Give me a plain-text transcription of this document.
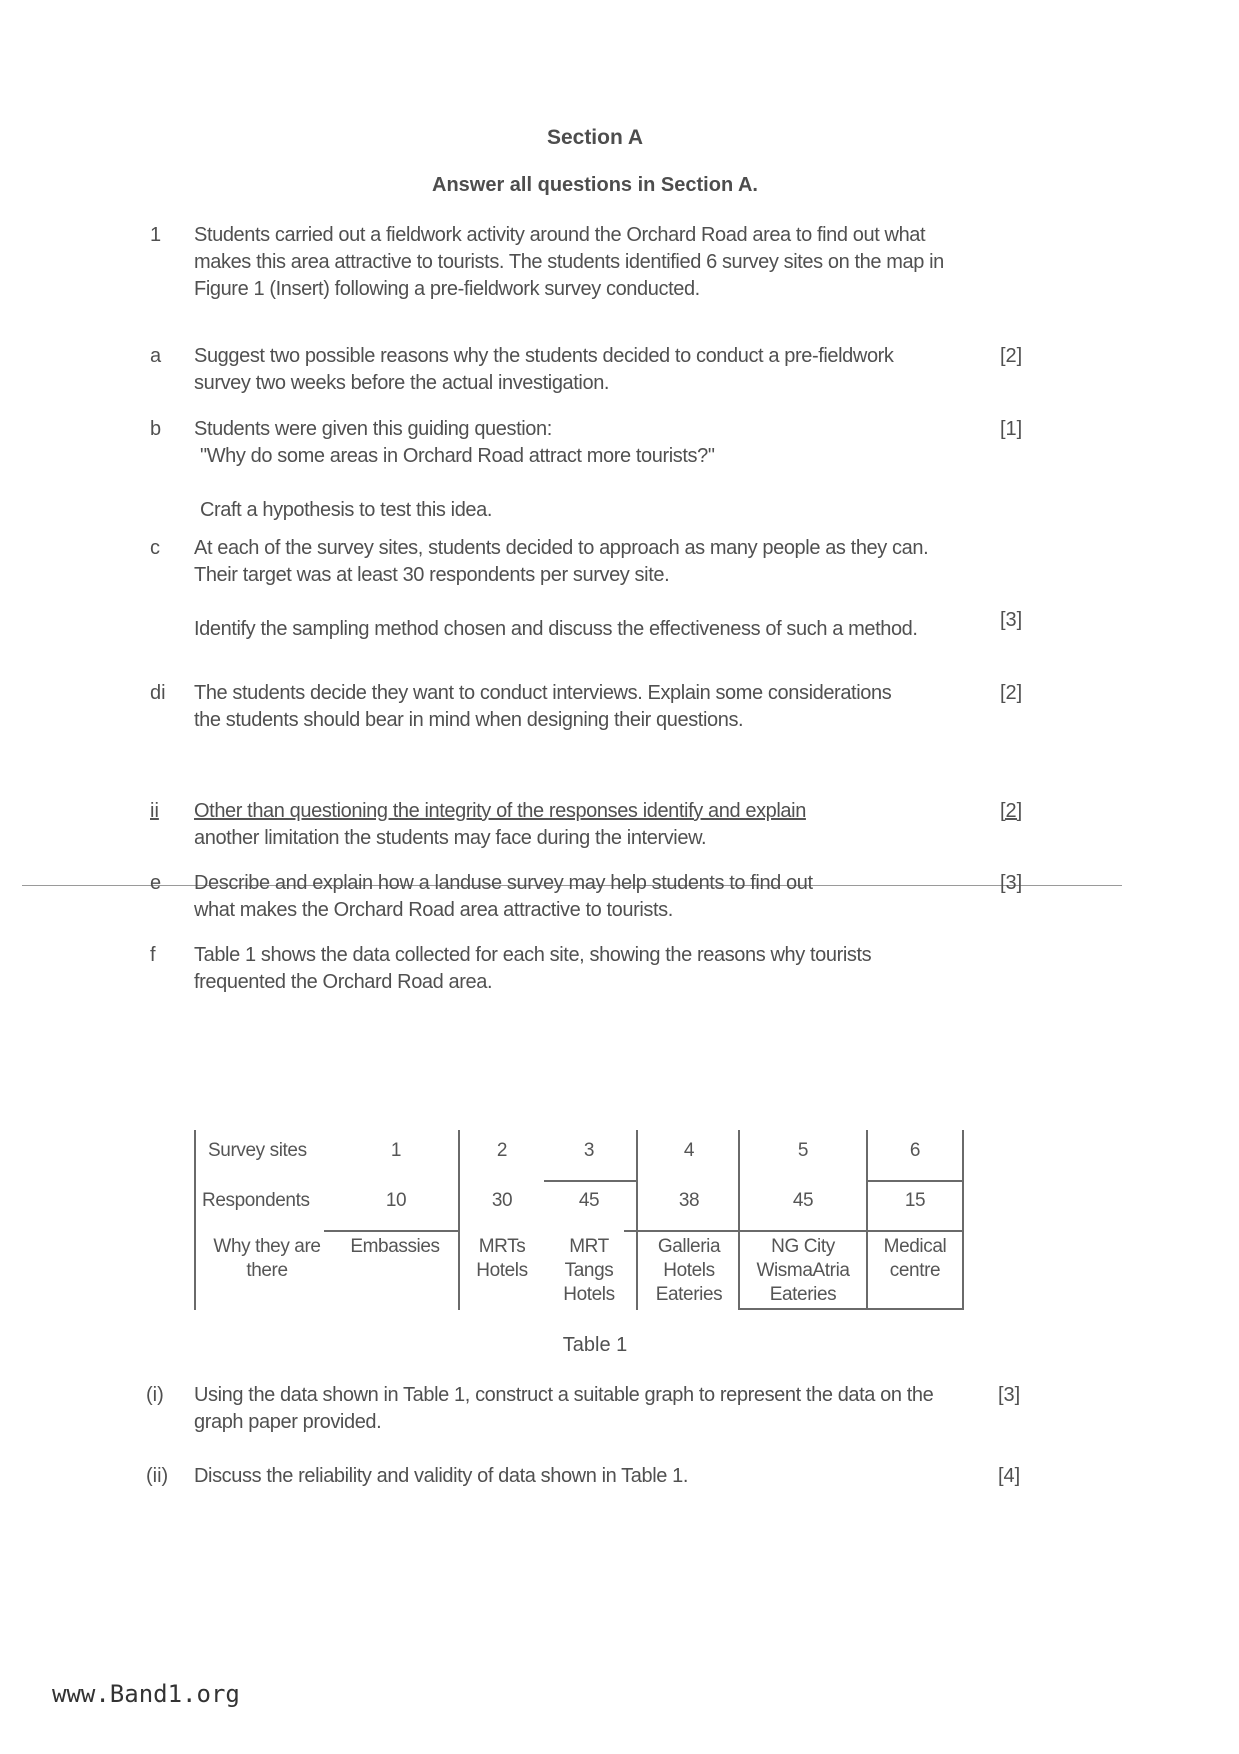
Section A
Answer all questions in Section A.
1 Students carried out a fieldwork activity around the Orchard Road area to find out what makes this area attractive to tourists. The students identified 6 survey sites on the map in Figure 1 (Insert) following a pre-fieldwork survey conducted.

a Suggest two possible reasons why the students decided to conduct a pre-fieldwork survey two weeks before the actual investigation.

[2]
b Students were given this guiding question:
"Why do some areas in Orchard Road attract more tourists?"
Craft a hypothesis to test this idea.
[1]
c At each of the survey sites, students decided to approach as many people as they can. Their target was at least 30 respondents per survey site.

Identify the sampling method chosen and discuss the effectiveness of such a method.	[3]
di The students decide they want to conduct interviews. Explain some considerations the students should bear in mind when designing their questions.

[2]
ii Other than questioning the integrity of the responses identify and explain
another limitation the students may face during the interview.
[2]
e Describe and explain how a landuse survey may help students to find out
what makes the Orchard Road area attractive to tourists.
[3]
f Table 1 shows the data collected for each site, showing the reasons why tourists frequented the Orchard Road area.

Survey sites
Respondents
Why they are
there
1
10
Embassies
2
30
MRTs
Hotels
3
45
MRT
Tangs
Hotels
4
38
Galleria
Hotels
Eateries
5
45
NG City
WismaAtria
Eateries
6
15
Medical
centre
Table 1
(i) Using the data shown in Table 1, construct a suitable graph to represent the data on the graph paper provided.

[3]
(ii) Discuss the reliability and validity of data shown in Table 1.	[4]
www.Band1.org
